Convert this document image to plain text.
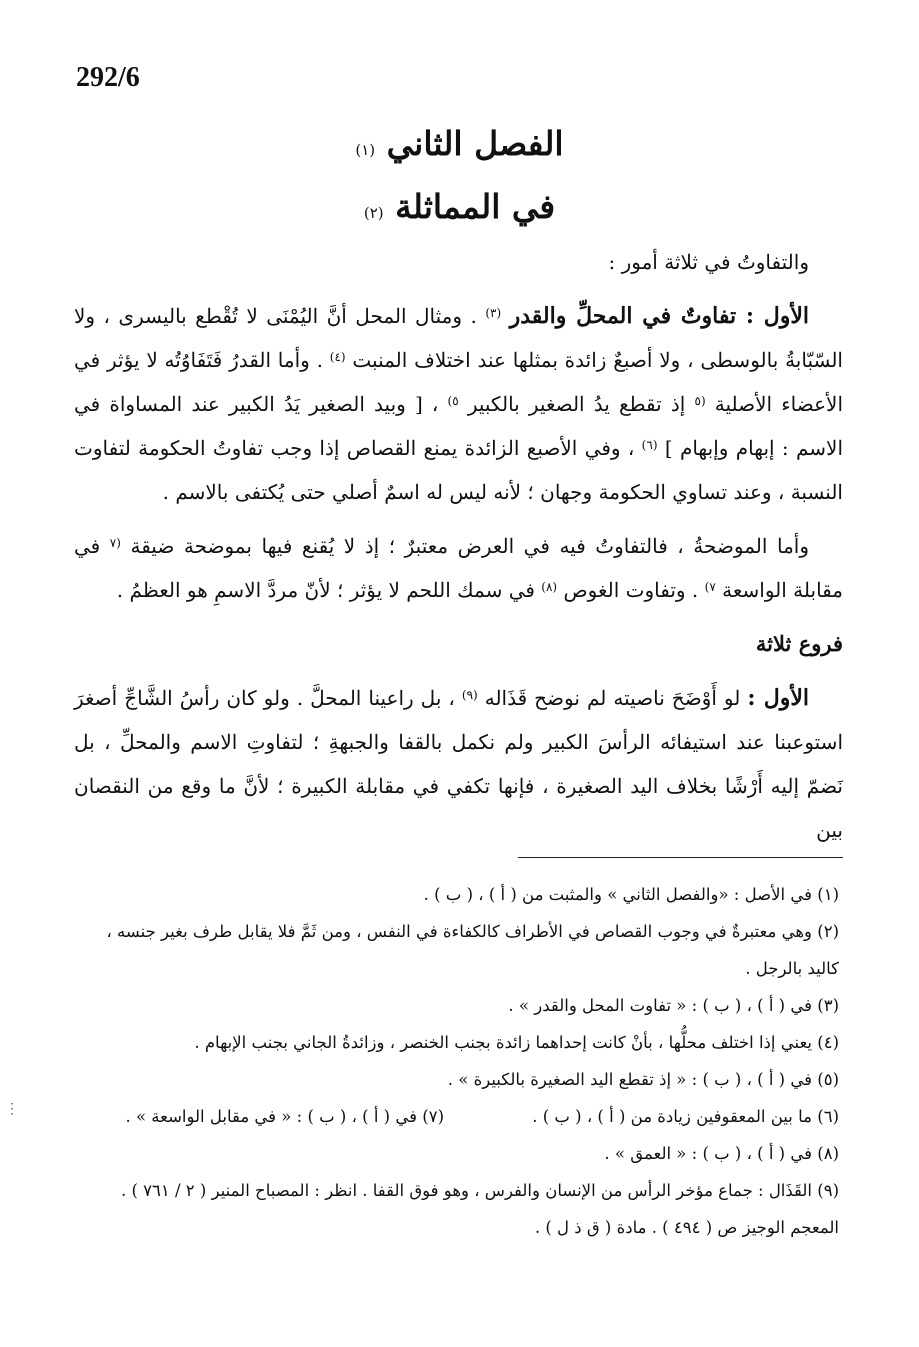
292/6
الفصل الثاني (١)
في المماثلة (٢)

والتفاوتُ في ثلاثة أمور :

الأول : تفاوتٌ في المحلِّ والقدر $^{(٣)}$ . ومثال المحل أنَّ اليُمْنَى لا تُقْطع باليسرى ، ولا السّبّابةُ بالوسطى ، ولا أصبعٌ زائدة بمثلها عند اختلاف المنبت $^{(٤)}$ . وأما القدرُ فَتَفَاوُتُه لا يؤثر في الأعضاء الأصلية $^{(٥}$ إذ تقطع يدُ الصغير بالكبير $^{٥)}$ ، [ وبيد الصغير يَدُ الكبير عند المساواة في الاسم : إبهام وإبهام ] $^{(٦)}$ ، وفي الأصبع الزائدة يمنع القصاص إذا وجب تفاوتُ الحكومة لتفاوت النسبة ، وعند تساوي الحكومة وجهان ؛ لأنه ليس له اسمٌ أصلي حتى يُكتفى بالاسم .

وأما الموضحةُ ، فالتفاوتُ فيه في العرض معتبرٌ ؛ إذ لا يُقنع فيها بموضحة ضيقة $^{(٧}$ في مقابلة الواسعة $^{٧)}$ . وتفاوت الغوص $^{(٨)}$ في سمك اللحم لا يؤثر ؛ لأنّ مردَّ الاسمِ هو العظمُ .

فروع ثلاثة

الأول : لو أَوْضَحَ ناصيته لم نوضح قَذَاله $^{(٩)}$ ، بل راعينا المحلَّ . ولو كان رأسُ الشَّاجِّ أصغرَ استوعبنا عند استيفائه الرأسَ الكبير ولم نكمل بالقفا والجبهةِ ؛ لتفاوتِ الاسم والمحلِّ ، بل نَضمّ إليه أَرْشًا بخلاف اليد الصغيرة ، فإنها تكفي في مقابلة الكبيرة ؛ لأنَّ ما وقع من النقصان بين

(١) في الأصل : «والفصل الثاني » والمثبت من ( أ ) ، ( ب ) .

(٢) وهي معتبرةٌ في وجوب القصاص في الأطراف كالكفاءة في النفس ، ومن ثَمَّ فلا يقابل طرف بغير جنسه ، كاليد بالرجل .

(٣) في ( أ ) ، ( ب ) : « تفاوت المحل والقدر » .

(٤) يعني إذا اختلف محلُّها ، بأنْ كانت إحداهما زائدة بجنب الخنصر ، وزائدةُ الجاني بجنب الإبهام .

(٥) في ( أ ) ، ( ب ) : « إذ تقطع اليد الصغيرة بالكبيرة » .

(٦) ما بين المعقوفين زيادة من ( أ ) ، ( ب ) .
(٧) في ( أ ) ، ( ب ) : « في مقابل الواسعة » .

(٨) في ( أ ) ، ( ب ) : « العمق » .

(٩) القَذَال : جماع مؤخر الرأس من الإنسان والفرس ، وهو فوق القفا . انظر : المصباح المنير ( ٢ / ٧٦١ ) . المعجم الوجيز ص ( ٤٩٤ ) . مادة ( ق ذ ل ) .

⋮
